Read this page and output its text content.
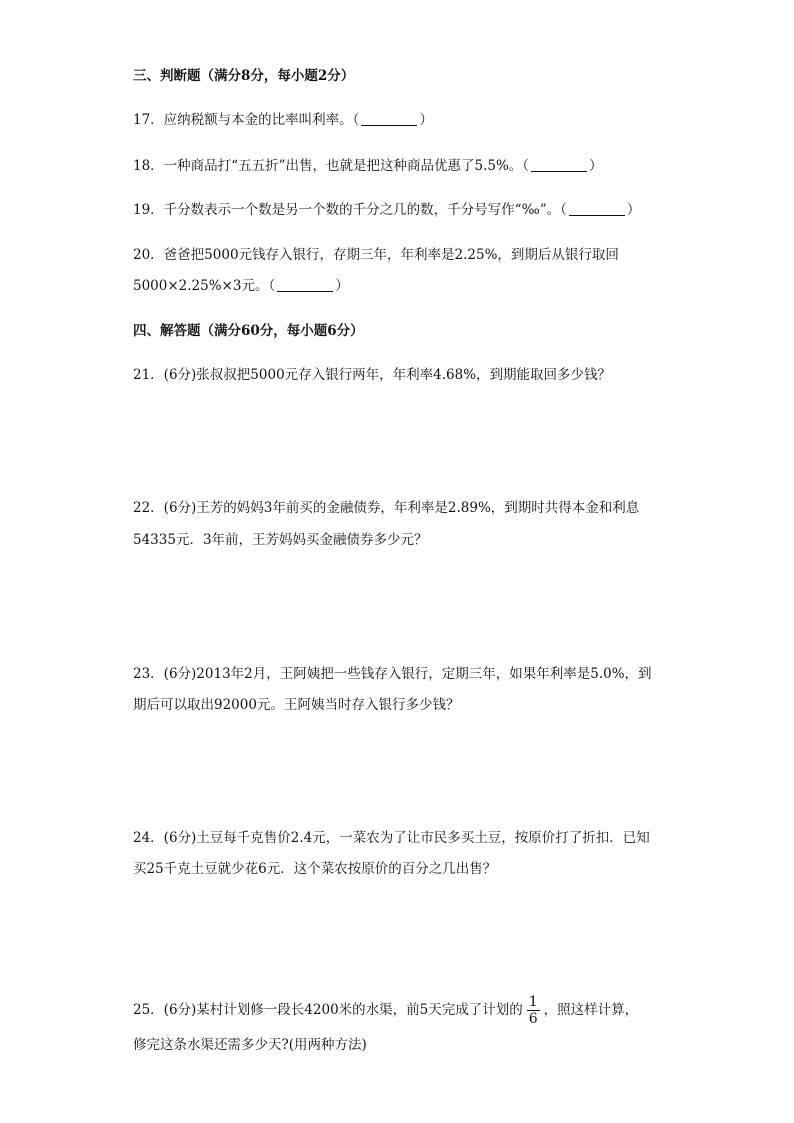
三、判断题（满分8分，每小题2分）
17．应纳税额与本金的比率叫利率。（	）
18．一种商品打“五五折”出售，也就是把这种商品优惠了5.5%。（	）
19．千分数表示一个数是另一个数的千分之几的数，千分号写作“‰”。（	）
20．爸爸把5000元钱存入银行，存期三年，年利率是2.25%，到期后从银行取回
5000×2.25%×3元。（	）
四、解答题（满分60分，每小题6分）
21．(6分)张叔叔把5000元存入银行两年，年利率4.68%，到期能取回多少钱？
22．(6分)王芳的妈妈3年前买的金融债券，年利率是2.89%，到期时共得本金和利息
54335元．3年前，王芳妈妈买金融债券多少元？
23．(6分)2013年2月，王阿姨把一些钱存入银行，定期三年，如果年利率是5.0%，到
期后可以取出92000元。王阿姨当时存入银行多少钱？
24．(6分)土豆每千克售价2.4元，一菜农为了让市民多买土豆，按原价打了折扣．已知
买25千克土豆就少花6元．这个菜农按原价的百分之几出售？
25．(6分)某村计划修一段长4200米的水渠，前5天完成了计划的 $\frac{1}{6}$ ，照这样计算，
修完这条水渠还需多少天?(用两种方法)
